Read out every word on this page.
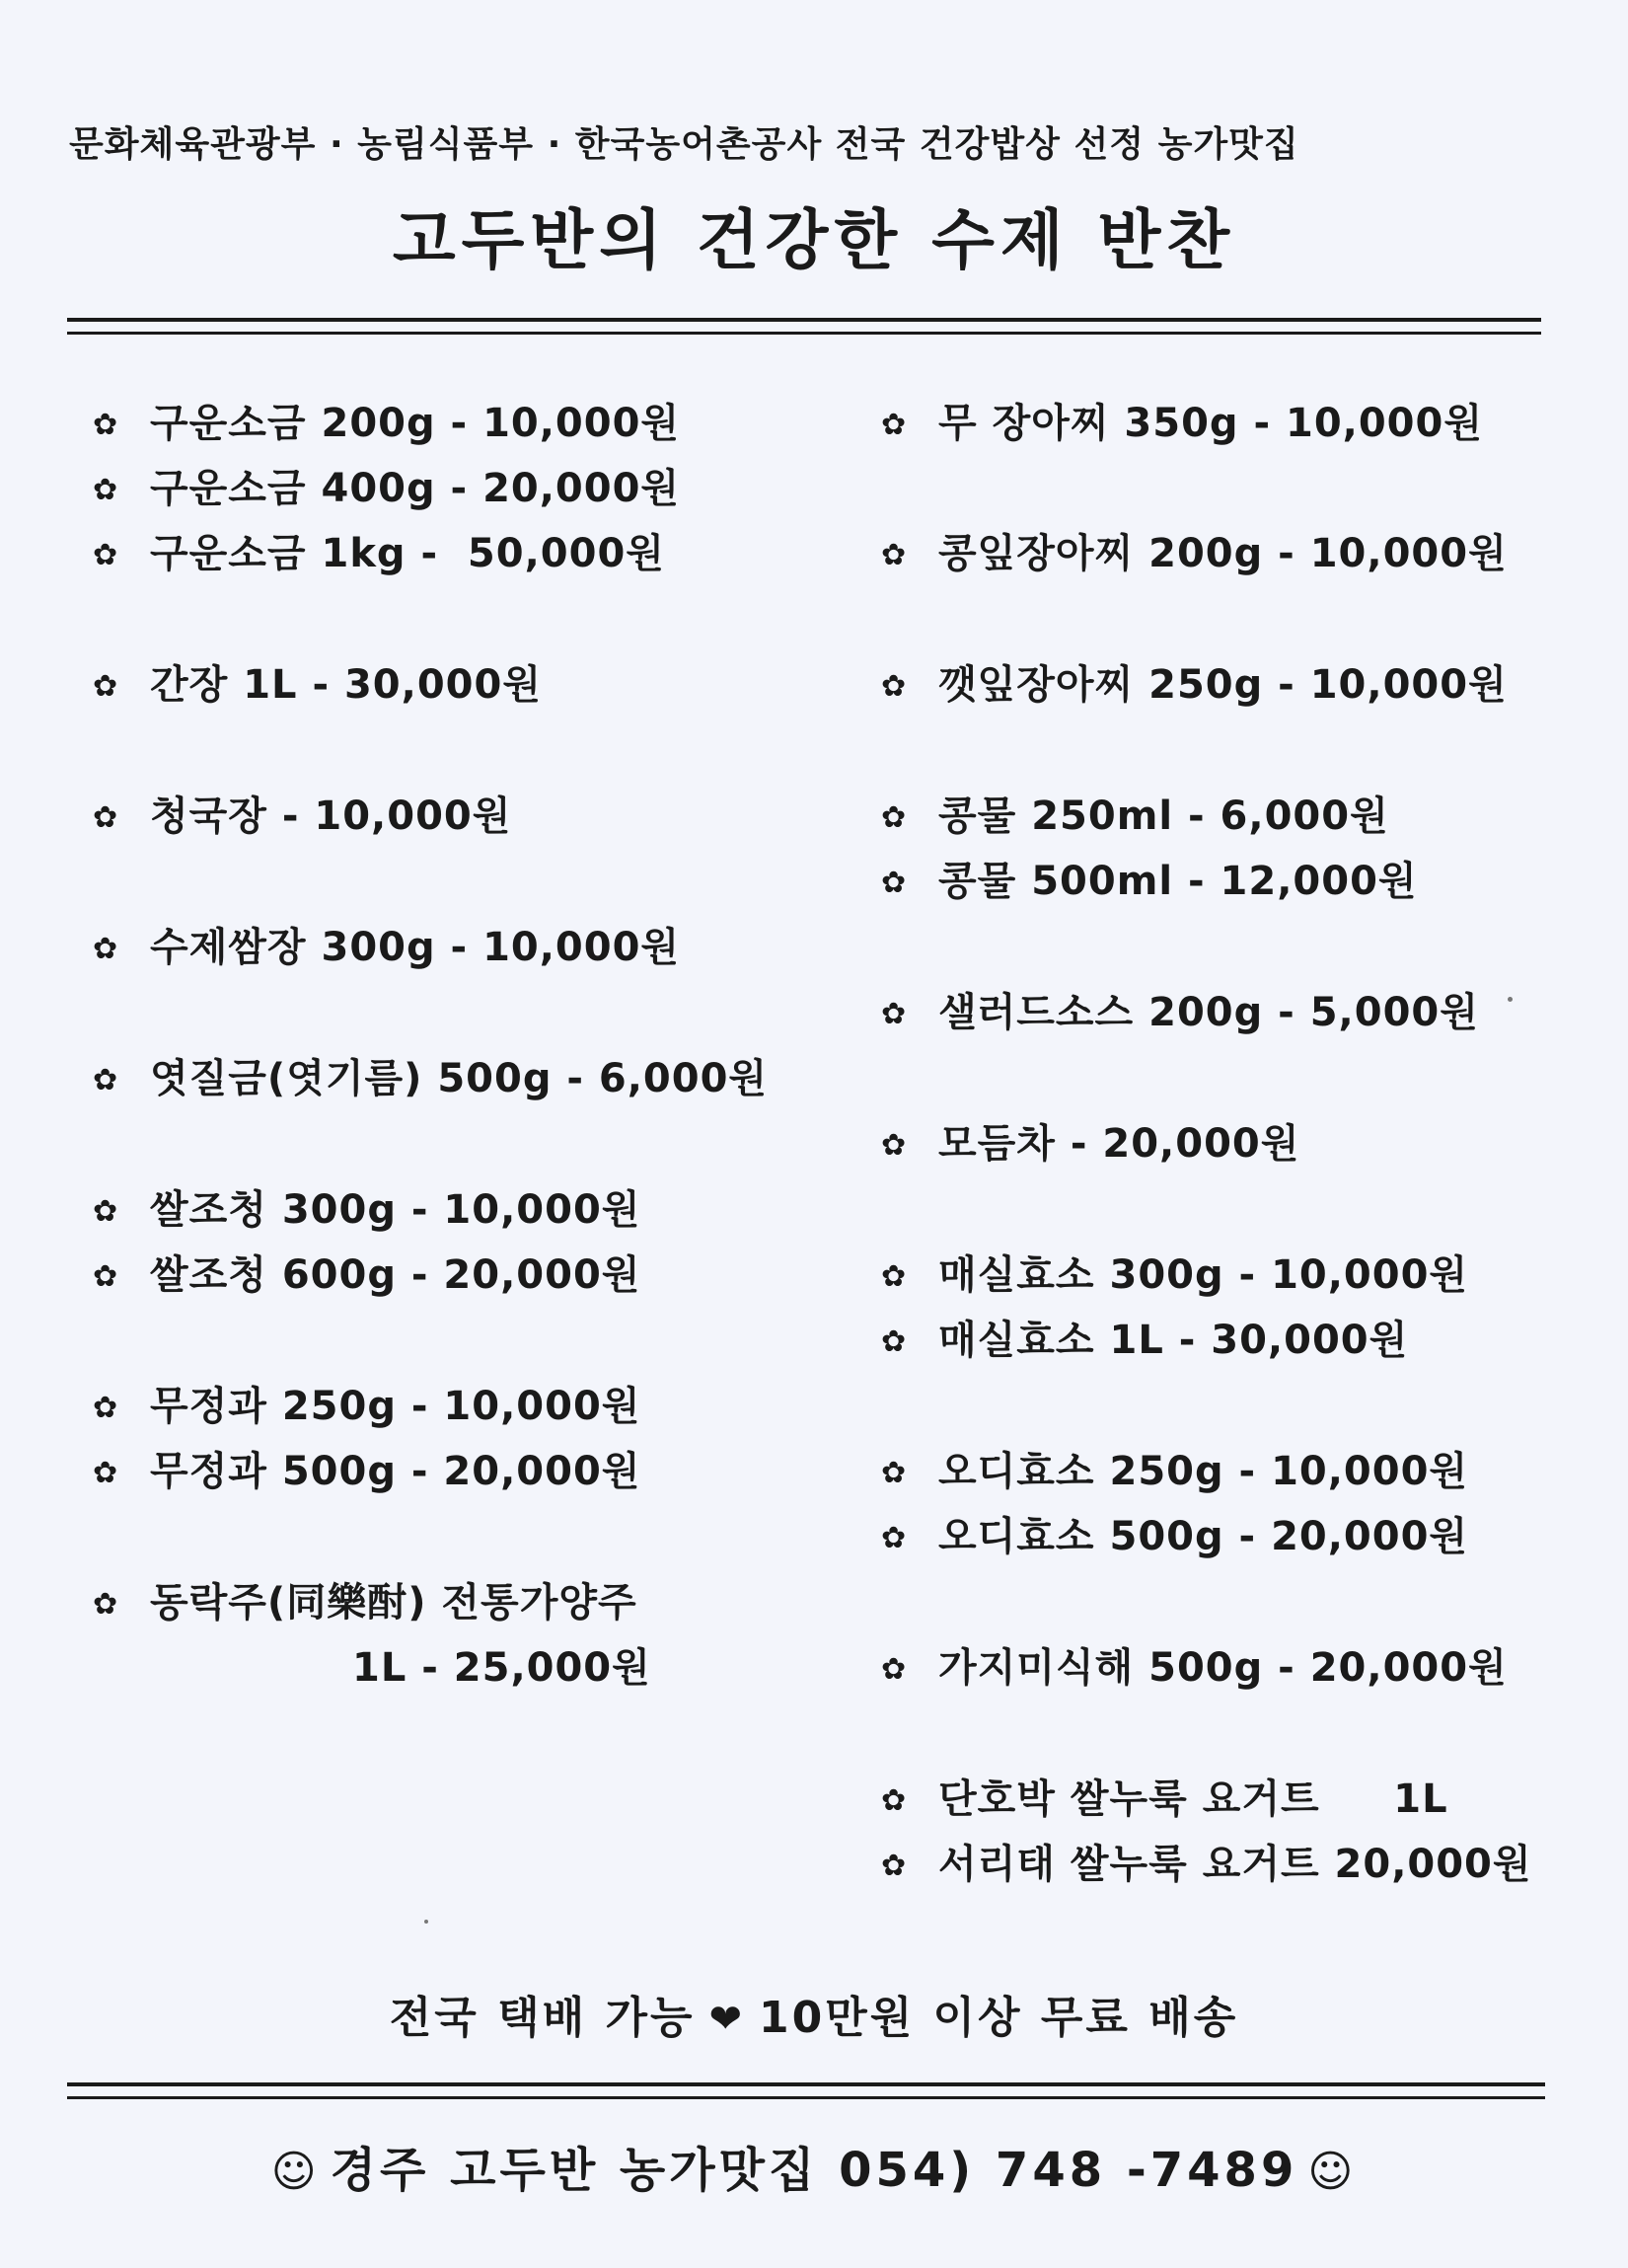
문화체육관광부 · 농림식품부 · 한국농어촌공사 전국 건강밥상 선정 농가맛집
고두반의 건강한 수제 반찬
✿ 구운소금 200g - 10,000원
✿ 구운소금 400g - 20,000원
✿ 구운소금 1kg -  50,000원
✿ 간장 1L - 30,000원
✿ 청국장 - 10,000원
✿ 수제쌈장 300g - 10,000원
✿ 엿질금(엿기름) 500g - 6,000원
✿ 쌀조청 300g - 10,000원
✿ 쌀조청 600g - 20,000원
✿ 무정과 250g - 10,000원
✿ 무정과 500g - 20,000원
✿ 동락주(同樂酎) 전통가양주
1L - 25,000원
✿ 무 장아찌 350g - 10,000원
✿ 콩잎장아찌 200g - 10,000원
✿ 깻잎장아찌 250g - 10,000원
✿ 콩물 250ml - 6,000원
✿ 콩물 500ml - 12,000원
✿ 샐러드소스 200g - 5,000원
✿ 모듬차 - 20,000원
✿ 매실효소 300g - 10,000원
✿ 매실효소 1L - 30,000원
✿ 오디효소 250g - 10,000원
✿ 오디효소 500g - 20,000원
✿ 가지미식해 500g - 20,000원
✿ 단호박 쌀누룩 요거트     1L
✿ 서리태 쌀누룩 요거트 20,000원
전국 택배 가능 ❤ 10만원 이상 무료 배송
☺ 경주 고두반 농가맛집 054) 748 -7489 ☺
